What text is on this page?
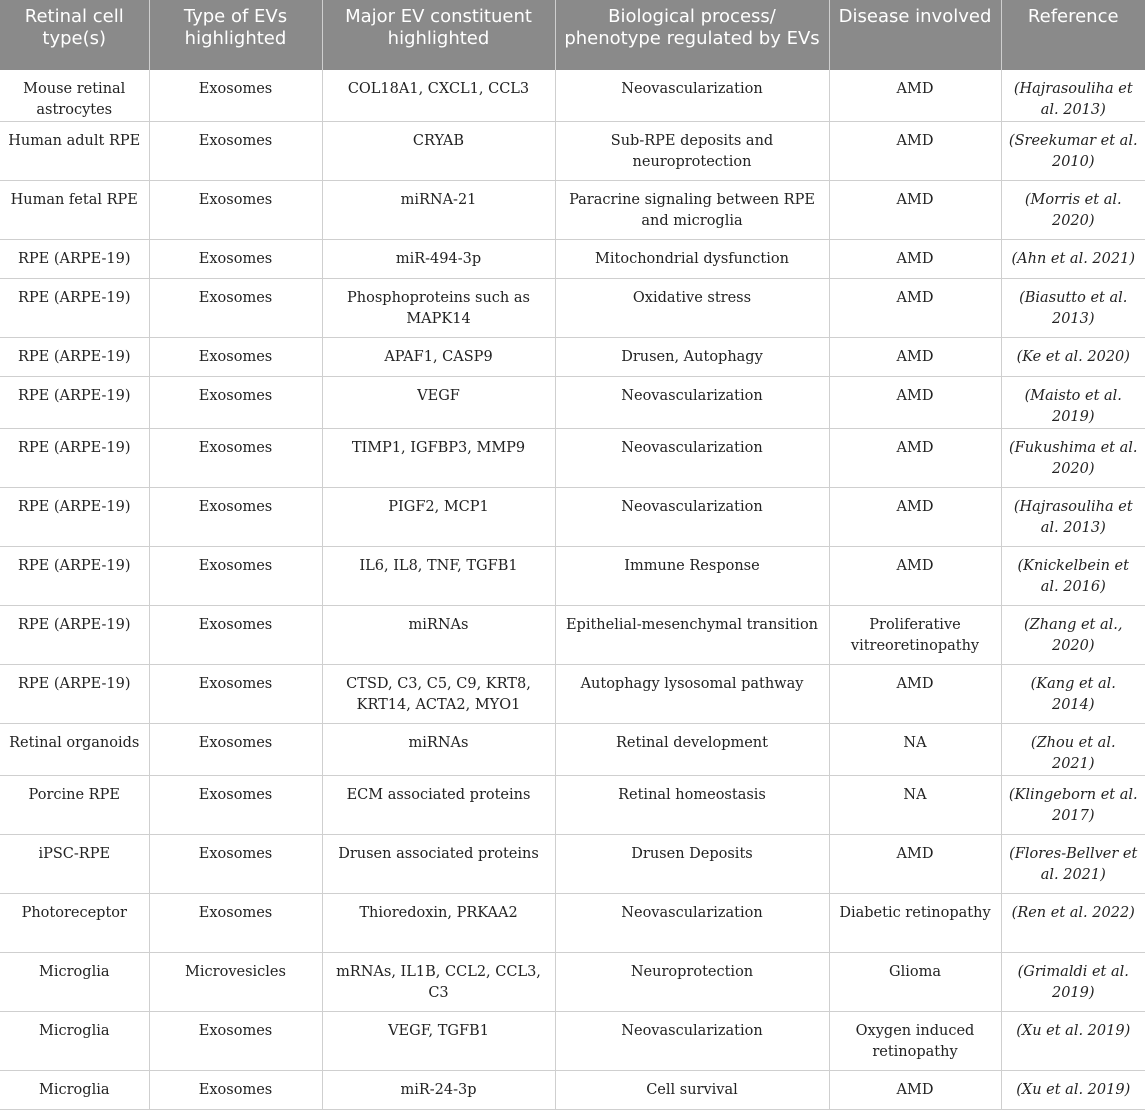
Retinal cell type(s)	Type of EVs highlighted	Major EV constituent highlighted	Biological process/ phenotype regulated by EVs	Disease involved	Reference
Mouse retinal astrocytes	Exosomes	COL18A1, CXCL1, CCL3	Neovascularization	AMD	(Hajrasouliha et al. 2013)
Human adult RPE	Exosomes	CRYAB	Sub-RPE deposits and neuroprotection	AMD	(Sreekumar et al. 2010)
Human fetal RPE	Exosomes	miRNA-21	Paracrine signaling between RPE and microglia	AMD	(Morris et al. 2020)
RPE (ARPE-19)	Exosomes	miR-494-3p	Mitochondrial dysfunction	AMD	(Ahn et al. 2021)
RPE (ARPE-19)	Exosomes	Phosphoproteins such as MAPK14	Oxidative stress	AMD	(Biasutto et al. 2013)
RPE (ARPE-19)	Exosomes	APAF1, CASP9	Drusen, Autophagy	AMD	(Ke et al. 2020)
RPE (ARPE-19)	Exosomes	VEGF	Neovascularization	AMD	(Maisto et al. 2019)
RPE (ARPE-19)	Exosomes	TIMP1, IGFBP3, MMP9	Neovascularization	AMD	(Fukushima et al. 2020)
RPE (ARPE-19)	Exosomes	PIGF2, MCP1	Neovascularization	AMD	(Hajrasouliha et al. 2013)
RPE (ARPE-19)	Exosomes	IL6, IL8, TNF, TGFB1	Immune Response	AMD	(Knickelbein et al. 2016)
RPE (ARPE-19)	Exosomes	miRNAs	Epithelial-mesenchymal transition	Proliferative vitreoretinopathy	(Zhang et al., 2020)
RPE (ARPE-19)	Exosomes	CTSD, C3, C5, C9, KRT8, KRT14, ACTA2, MYO1	Autophagy lysosomal pathway	AMD	(Kang et al. 2014)
Retinal organoids	Exosomes	miRNAs	Retinal development	NA	(Zhou et al. 2021)
Porcine RPE	Exosomes	ECM associated proteins	Retinal homeostasis	NA	(Klingeborn et al. 2017)
iPSC-RPE	Exosomes	Drusen associated proteins	Drusen Deposits	AMD	(Flores-Bellver et al. 2021)
Photoreceptor	Exosomes	Thioredoxin, PRKAA2	Neovascularization	Diabetic retinopathy	(Ren et al. 2022)
Microglia	Microvesicles	mRNAs, IL1B, CCL2, CCL3, C3	Neuroprotection	Glioma	(Grimaldi et al. 2019)
Microglia	Exosomes	VEGF, TGFB1	Neovascularization	Oxygen induced retinopathy	(Xu et al. 2019)
Microglia	Exosomes	miR-24-3p	Cell survival	AMD	(Xu et al. 2019)
